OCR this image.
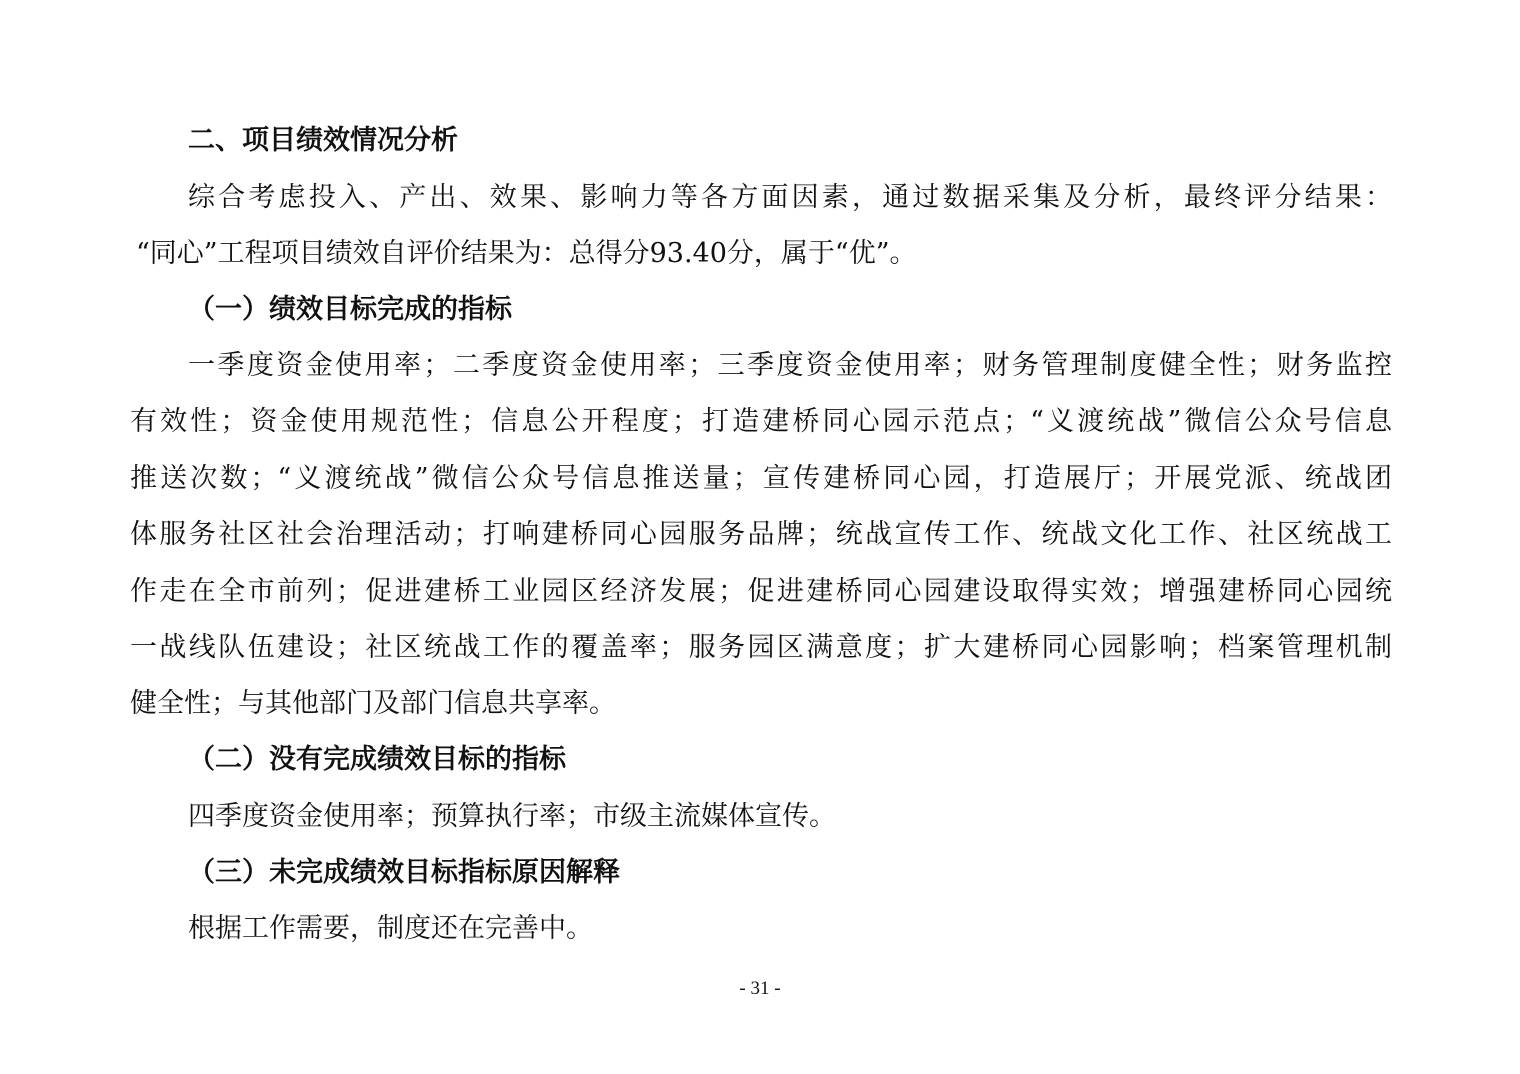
二、项目绩效情况分析
综合考虑投入、产出、效果、影响力等各方面因素，通过数据采集及分析，最终评分结果：
“同心”工程项目绩效自评价结果为：总得分93.40分，属于“优”。
（一）绩效目标完成的指标
一季度资金使用率；二季度资金使用率；三季度资金使用率；财务管理制度健全性；财务监控
有效性；资金使用规范性；信息公开程度；打造建桥同心园示范点；“义渡统战”微信公众号信息
推送次数；“义渡统战”微信公众号信息推送量；宣传建桥同心园，打造展厅；开展党派、统战团
体服务社区社会治理活动；打响建桥同心园服务品牌；统战宣传工作、统战文化工作、社区统战工
作走在全市前列；促进建桥工业园区经济发展；促进建桥同心园建设取得实效；增强建桥同心园统
一战线队伍建设；社区统战工作的覆盖率；服务园区满意度；扩大建桥同心园影响；档案管理机制
健全性；与其他部门及部门信息共享率。
（二）没有完成绩效目标的指标
四季度资金使用率；预算执行率；市级主流媒体宣传。
（三）未完成绩效目标指标原因解释
根据工作需要，制度还在完善中。
- 31 -
